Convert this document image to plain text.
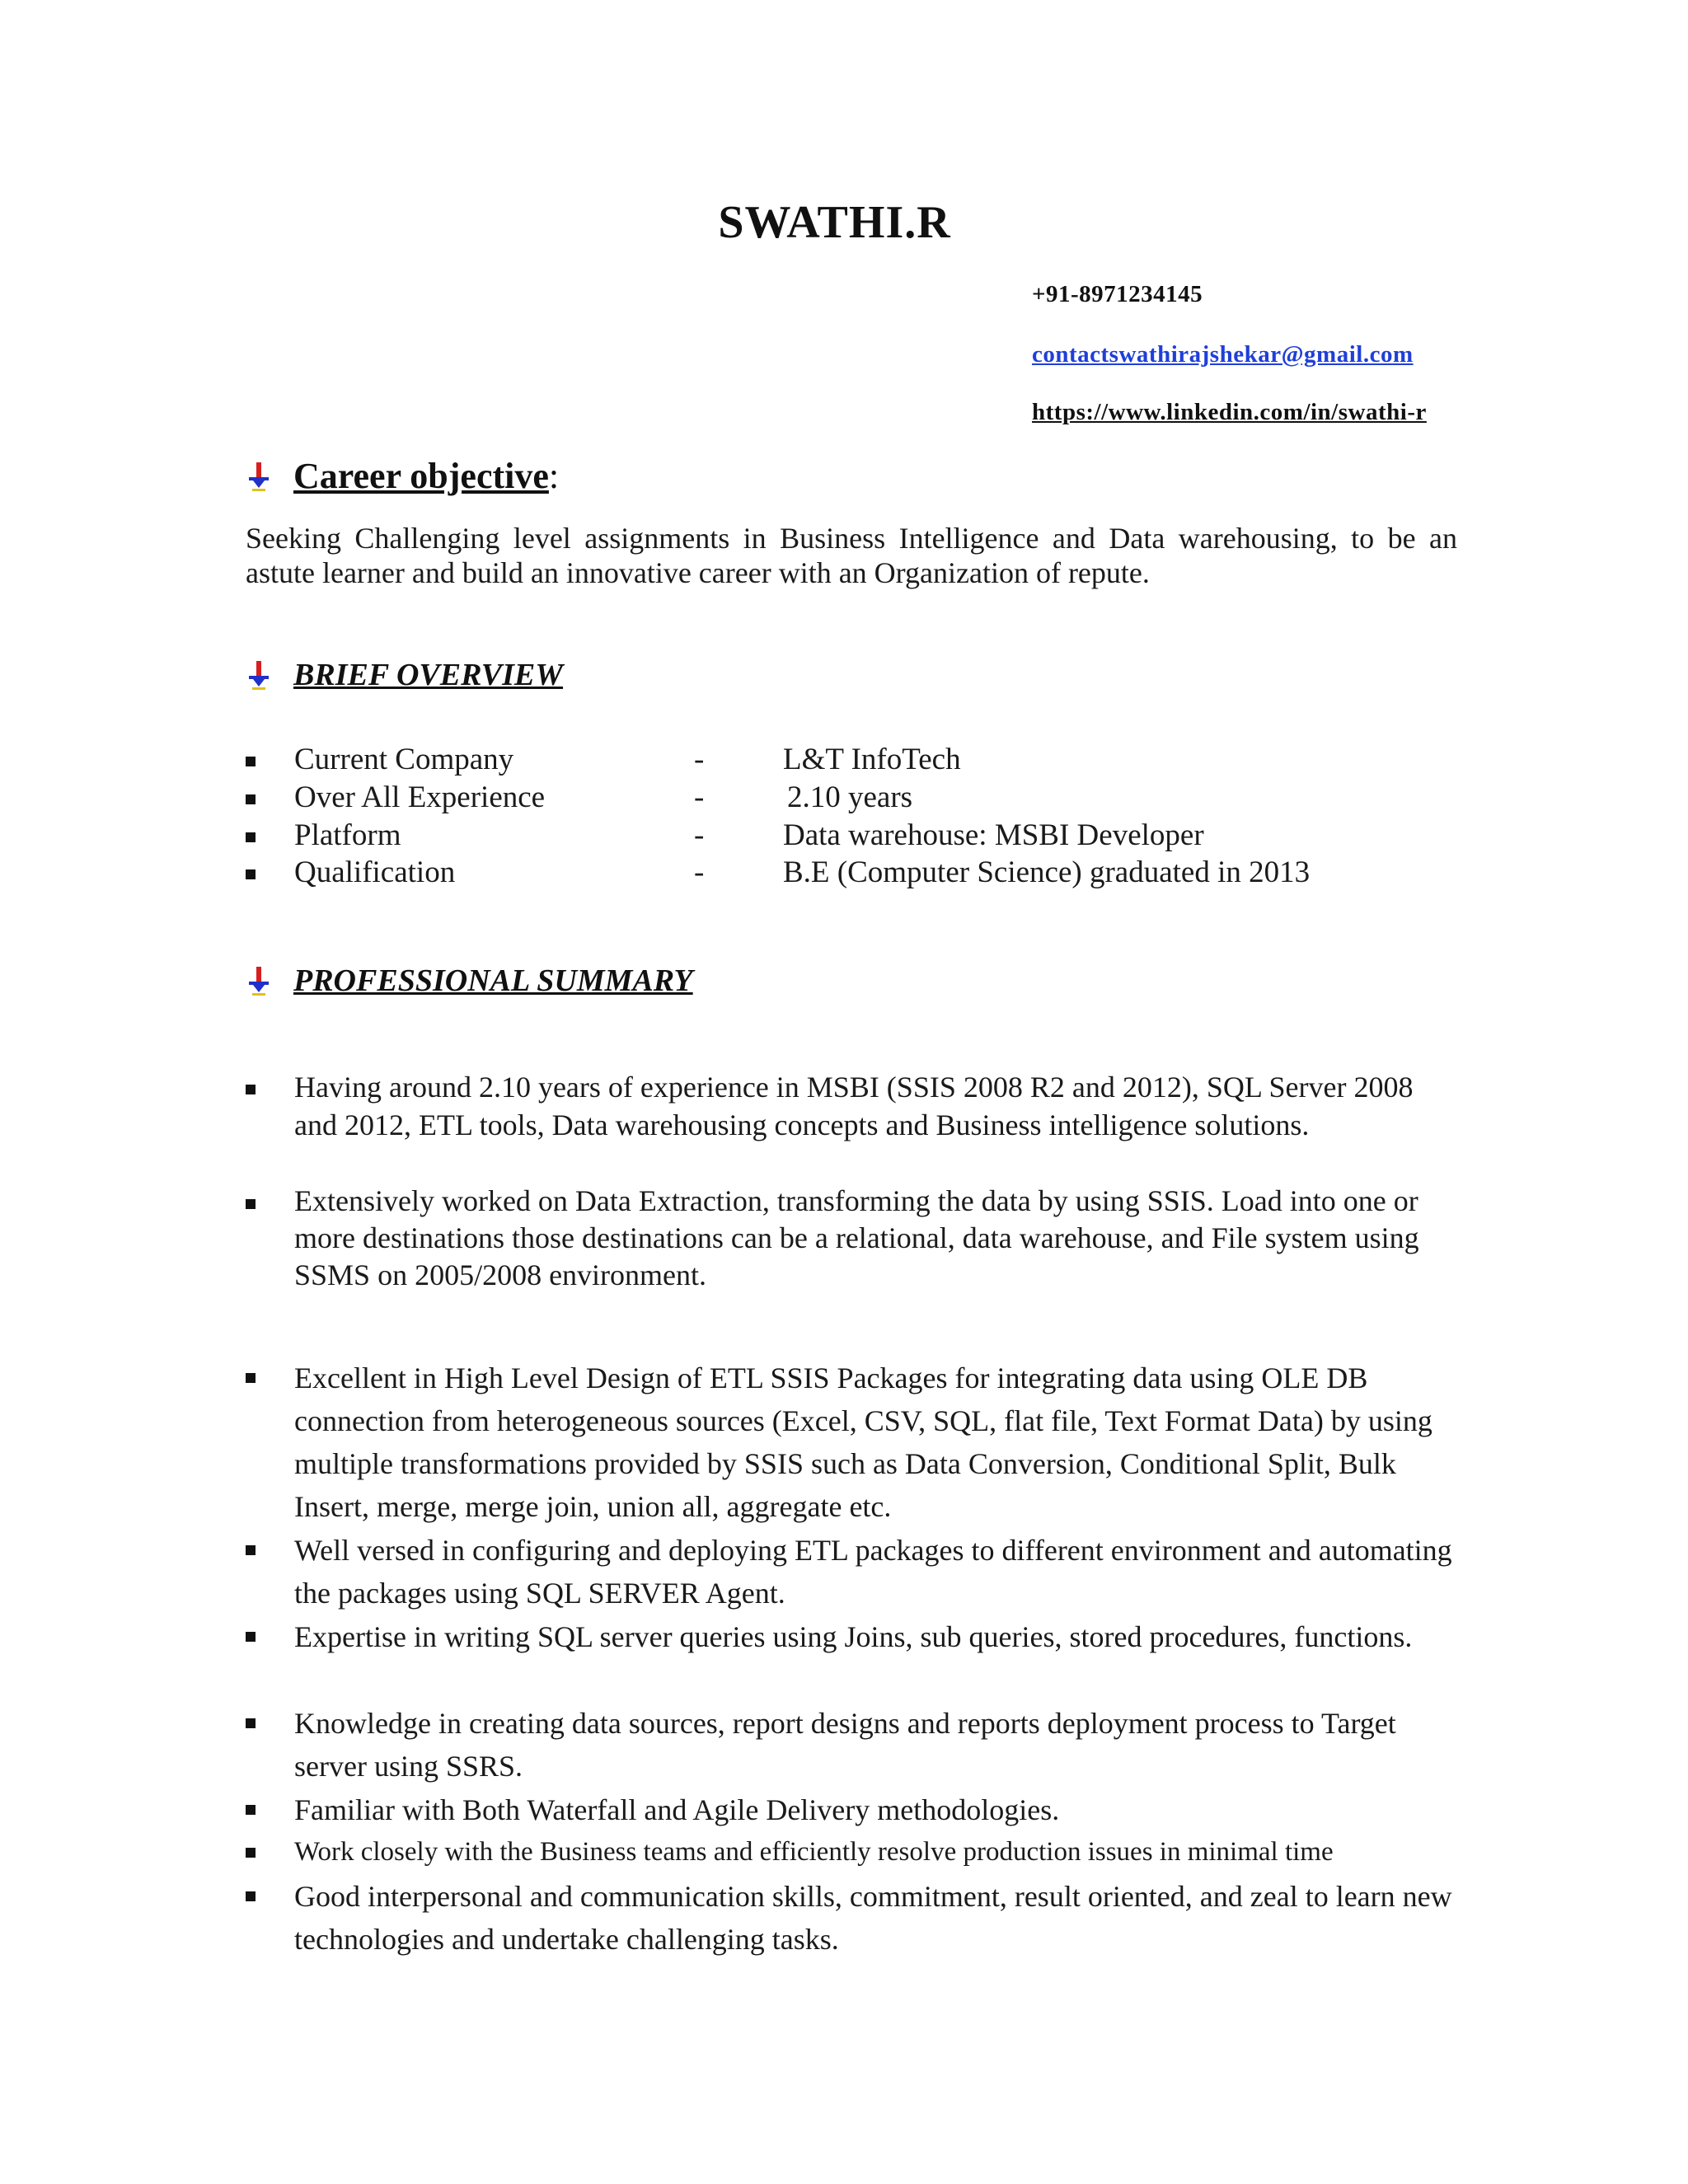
SWATHI.R
+91-8971234145
contactswathirajshekar@gmail.com
https://www.linkedin.com/in/swathi-r
Career objective :
Seeking Challenging level assignments in Business Intelligence and Data warehousing, to be an astute learner and build an innovative career with an Organization of repute.
BRIEF OVERVIEW
Current Company	-	L&T InfoTech
Over All Experience	-	2.10 years
Platform	-	Data warehouse: MSBI Developer
Qualification	-	B.E (Computer Science) graduated in 2013
PROFESSIONAL SUMMARY
Having around 2.10 years of experience in MSBI (SSIS 2008 R2 and 2012), SQL Server 2008 and 2012, ETL tools, Data warehousing concepts and Business intelligence solutions.
Extensively worked on Data Extraction, transforming the data by using SSIS. Load into one or more destinations those destinations can be a relational, data warehouse, and File system using SSMS on 2005/2008 environment.
Excellent in High Level Design of ETL SSIS Packages for integrating data using OLE DB connection from heterogeneous sources (Excel, CSV, SQL, flat file, Text Format Data) by using multiple transformations provided by SSIS such as Data Conversion, Conditional Split, Bulk Insert, merge, merge join, union all, aggregate etc.
Well versed in configuring and deploying ETL packages to different environment and automating the packages using SQL SERVER Agent.
Expertise in writing SQL server queries using Joins, sub queries, stored procedures, functions.
Knowledge in creating data sources, report designs and reports deployment process to Target server using SSRS.
Familiar with Both Waterfall and Agile Delivery methodologies.
Work closely with the Business teams and efficiently resolve production issues in minimal time
Good interpersonal and communication skills, commitment, result oriented, and zeal to learn new technologies and undertake challenging tasks.
